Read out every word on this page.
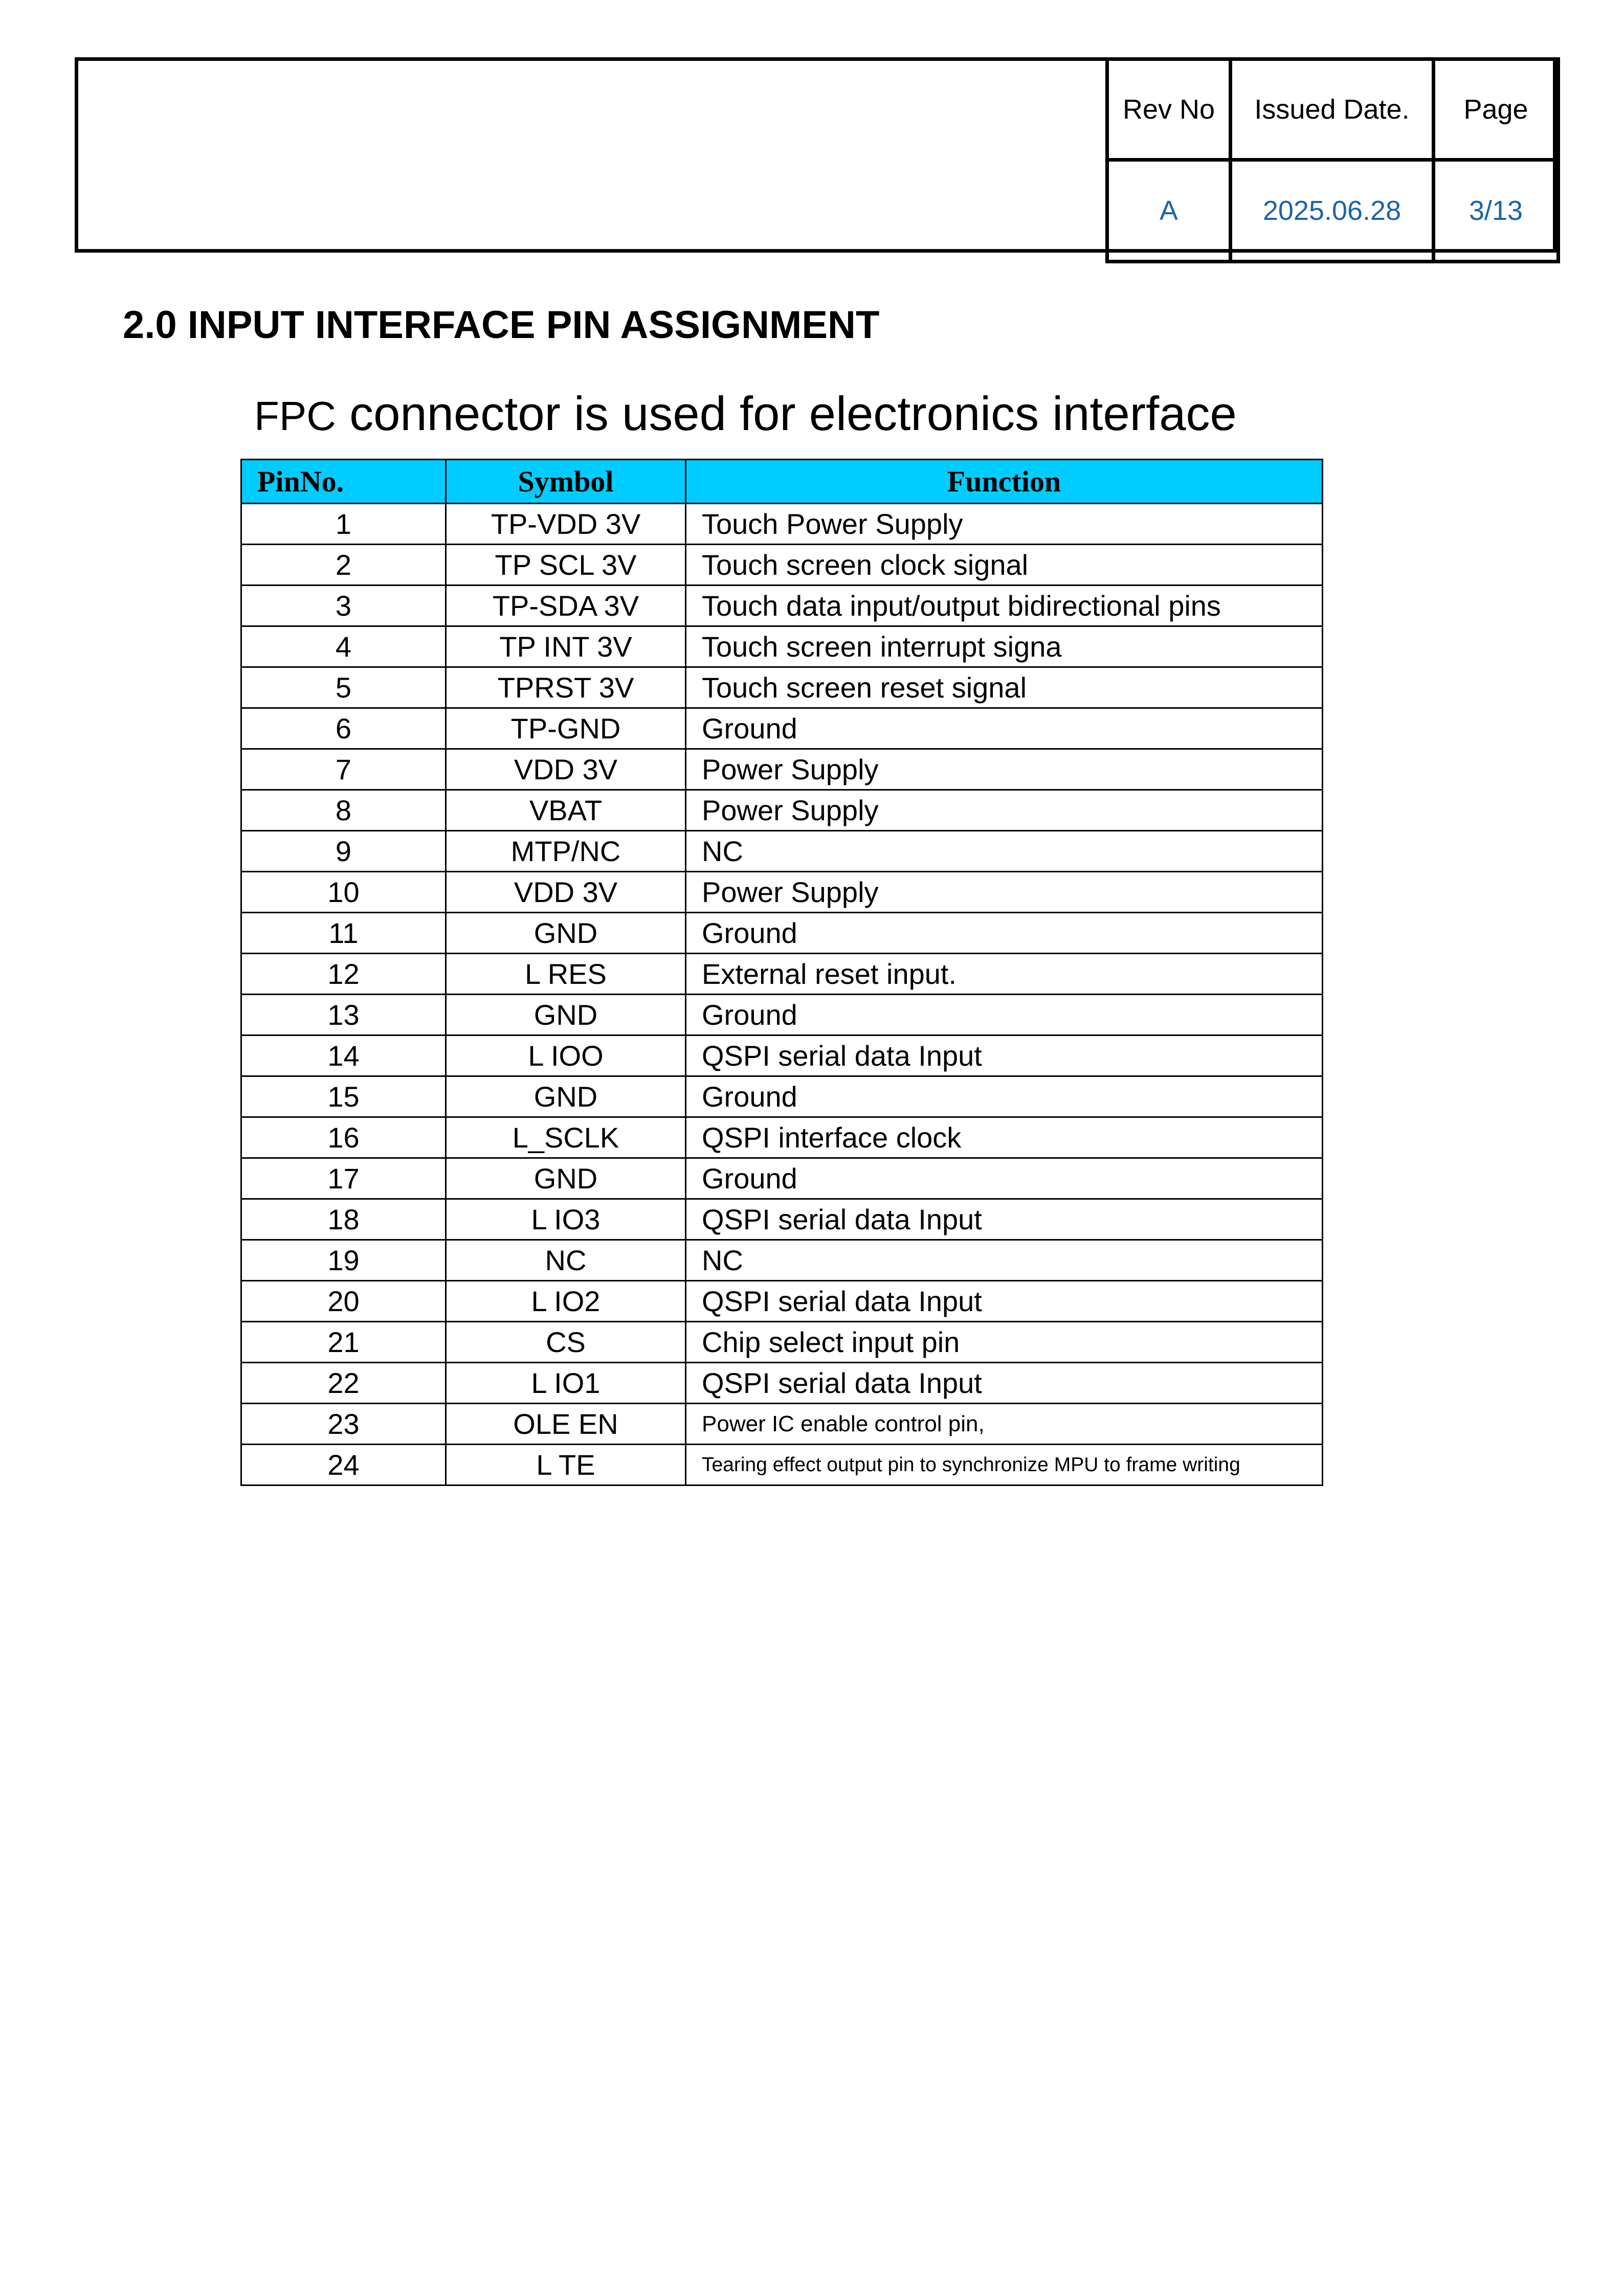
Rev No	Issued Date.	Page
A	2025.06.28	3/13
2.0 INPUT INTERFACE PIN ASSIGNMENT
FPC connector is used for electronics interface
PinNo.	Symbol	Function
1	TP-VDD 3V	Touch Power Supply
2	TP SCL 3V	Touch screen clock signal
3	TP-SDA 3V	Touch data input/output bidirectional pins
4	TP INT 3V	Touch screen interrupt signa
5	TPRST 3V	Touch screen reset signal
6	TP-GND	Ground
7	VDD 3V	Power Supply
8	VBAT	Power Supply
9	MTP/NC	NC
10	VDD 3V	Power Supply
11	GND	Ground
12	L RES	External reset input.
13	GND	Ground
14	L IOO	QSPI serial data Input
15	GND	Ground
16	L_SCLK	QSPI interface clock
17	GND	Ground
18	L IO3	QSPI serial data Input
19	NC	NC
20	L IO2	QSPI serial data Input
21	CS	Chip select input pin
22	L IO1	QSPI serial data Input
23	OLE EN	Power IC enable control pin,
24	L TE	Tearing effect output pin to synchronize MPU to frame writing
